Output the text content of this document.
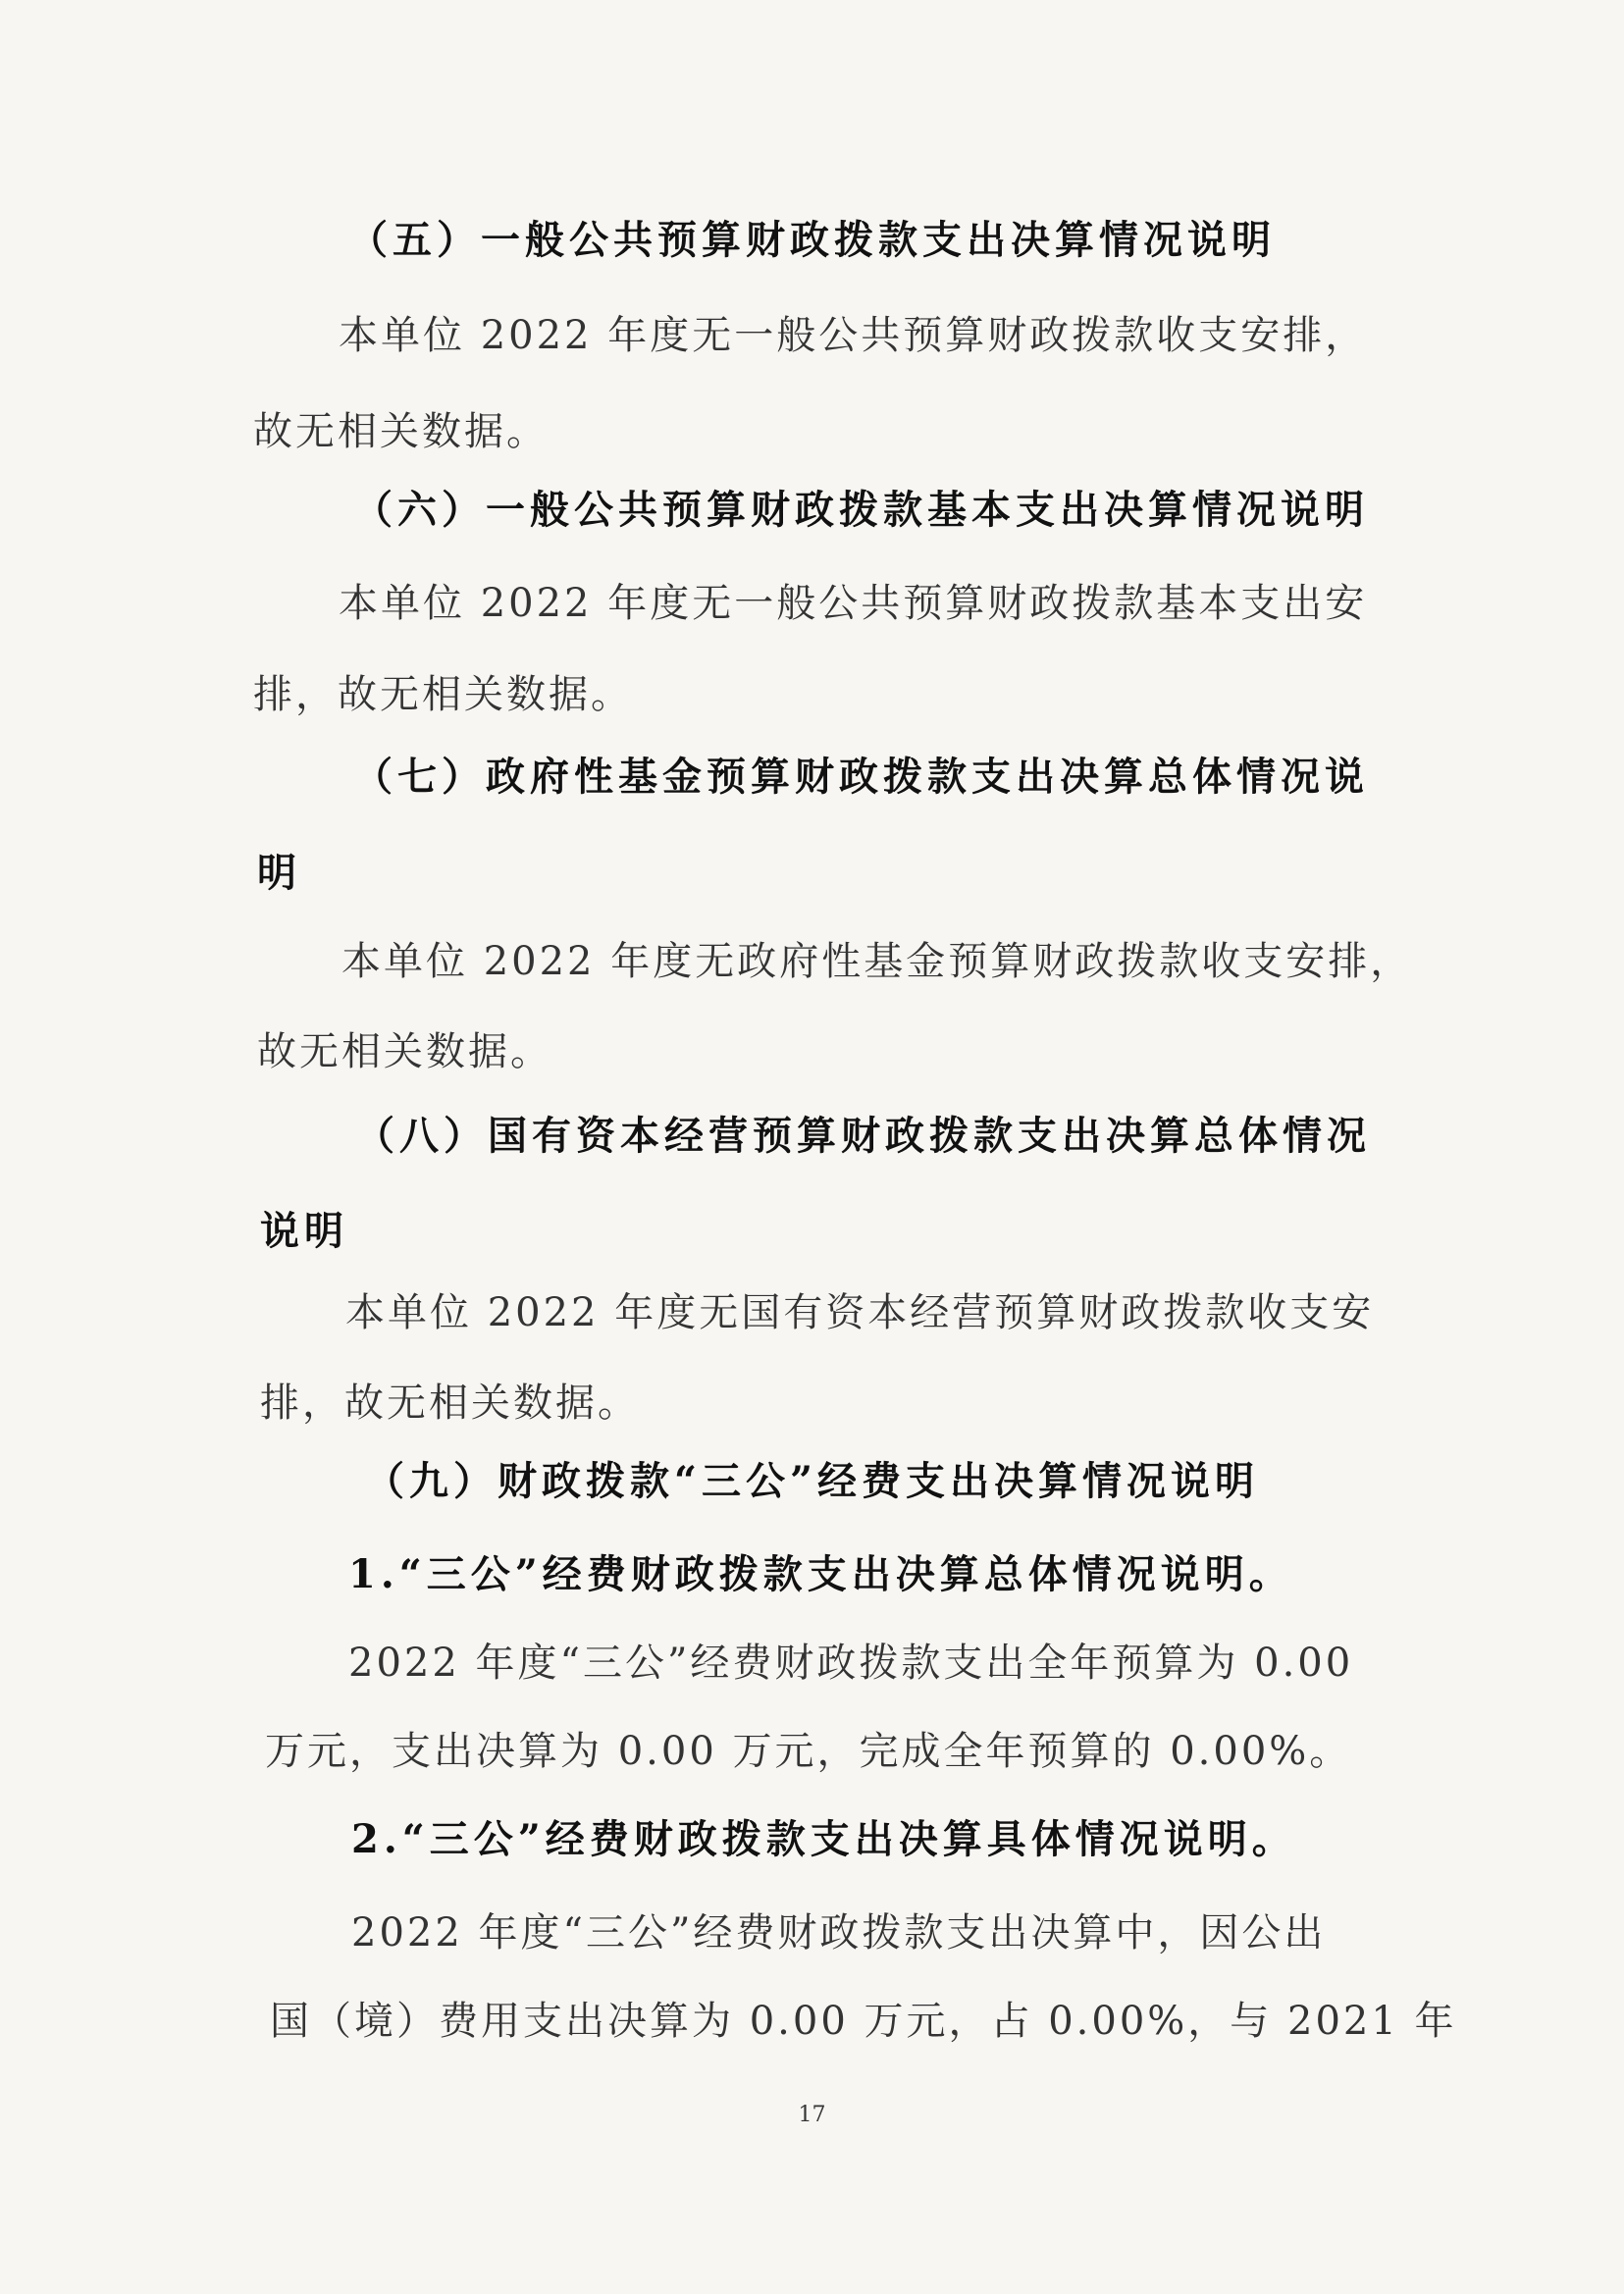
（五）一般公共预算财政拨款支出决算情况说明
本单位 2022 年度无一般公共预算财政拨款收支安排，
故无相关数据。
（六）一般公共预算财政拨款基本支出决算情况说明
本单位 2022 年度无一般公共预算财政拨款基本支出安
排，故无相关数据。
（七）政府性基金预算财政拨款支出决算总体情况说
明
本单位 2022 年度无政府性基金预算财政拨款收支安排，
故无相关数据。
（八）国有资本经营预算财政拨款支出决算总体情况
说明
本单位 2022 年度无国有资本经营预算财政拨款收支安
排，故无相关数据。
（九）财政拨款“三公”经费支出决算情况说明
1.“三公”经费财政拨款支出决算总体情况说明。
2022 年度“三公”经费财政拨款支出全年预算为 0.00
万元，支出决算为 0.00 万元，完成全年预算的 0.00%。
2.“三公”经费财政拨款支出决算具体情况说明。
2022 年度“三公”经费财政拨款支出决算中，因公出
国（境）费用支出决算为 0.00 万元，占 0.00%，与 2021 年
17
